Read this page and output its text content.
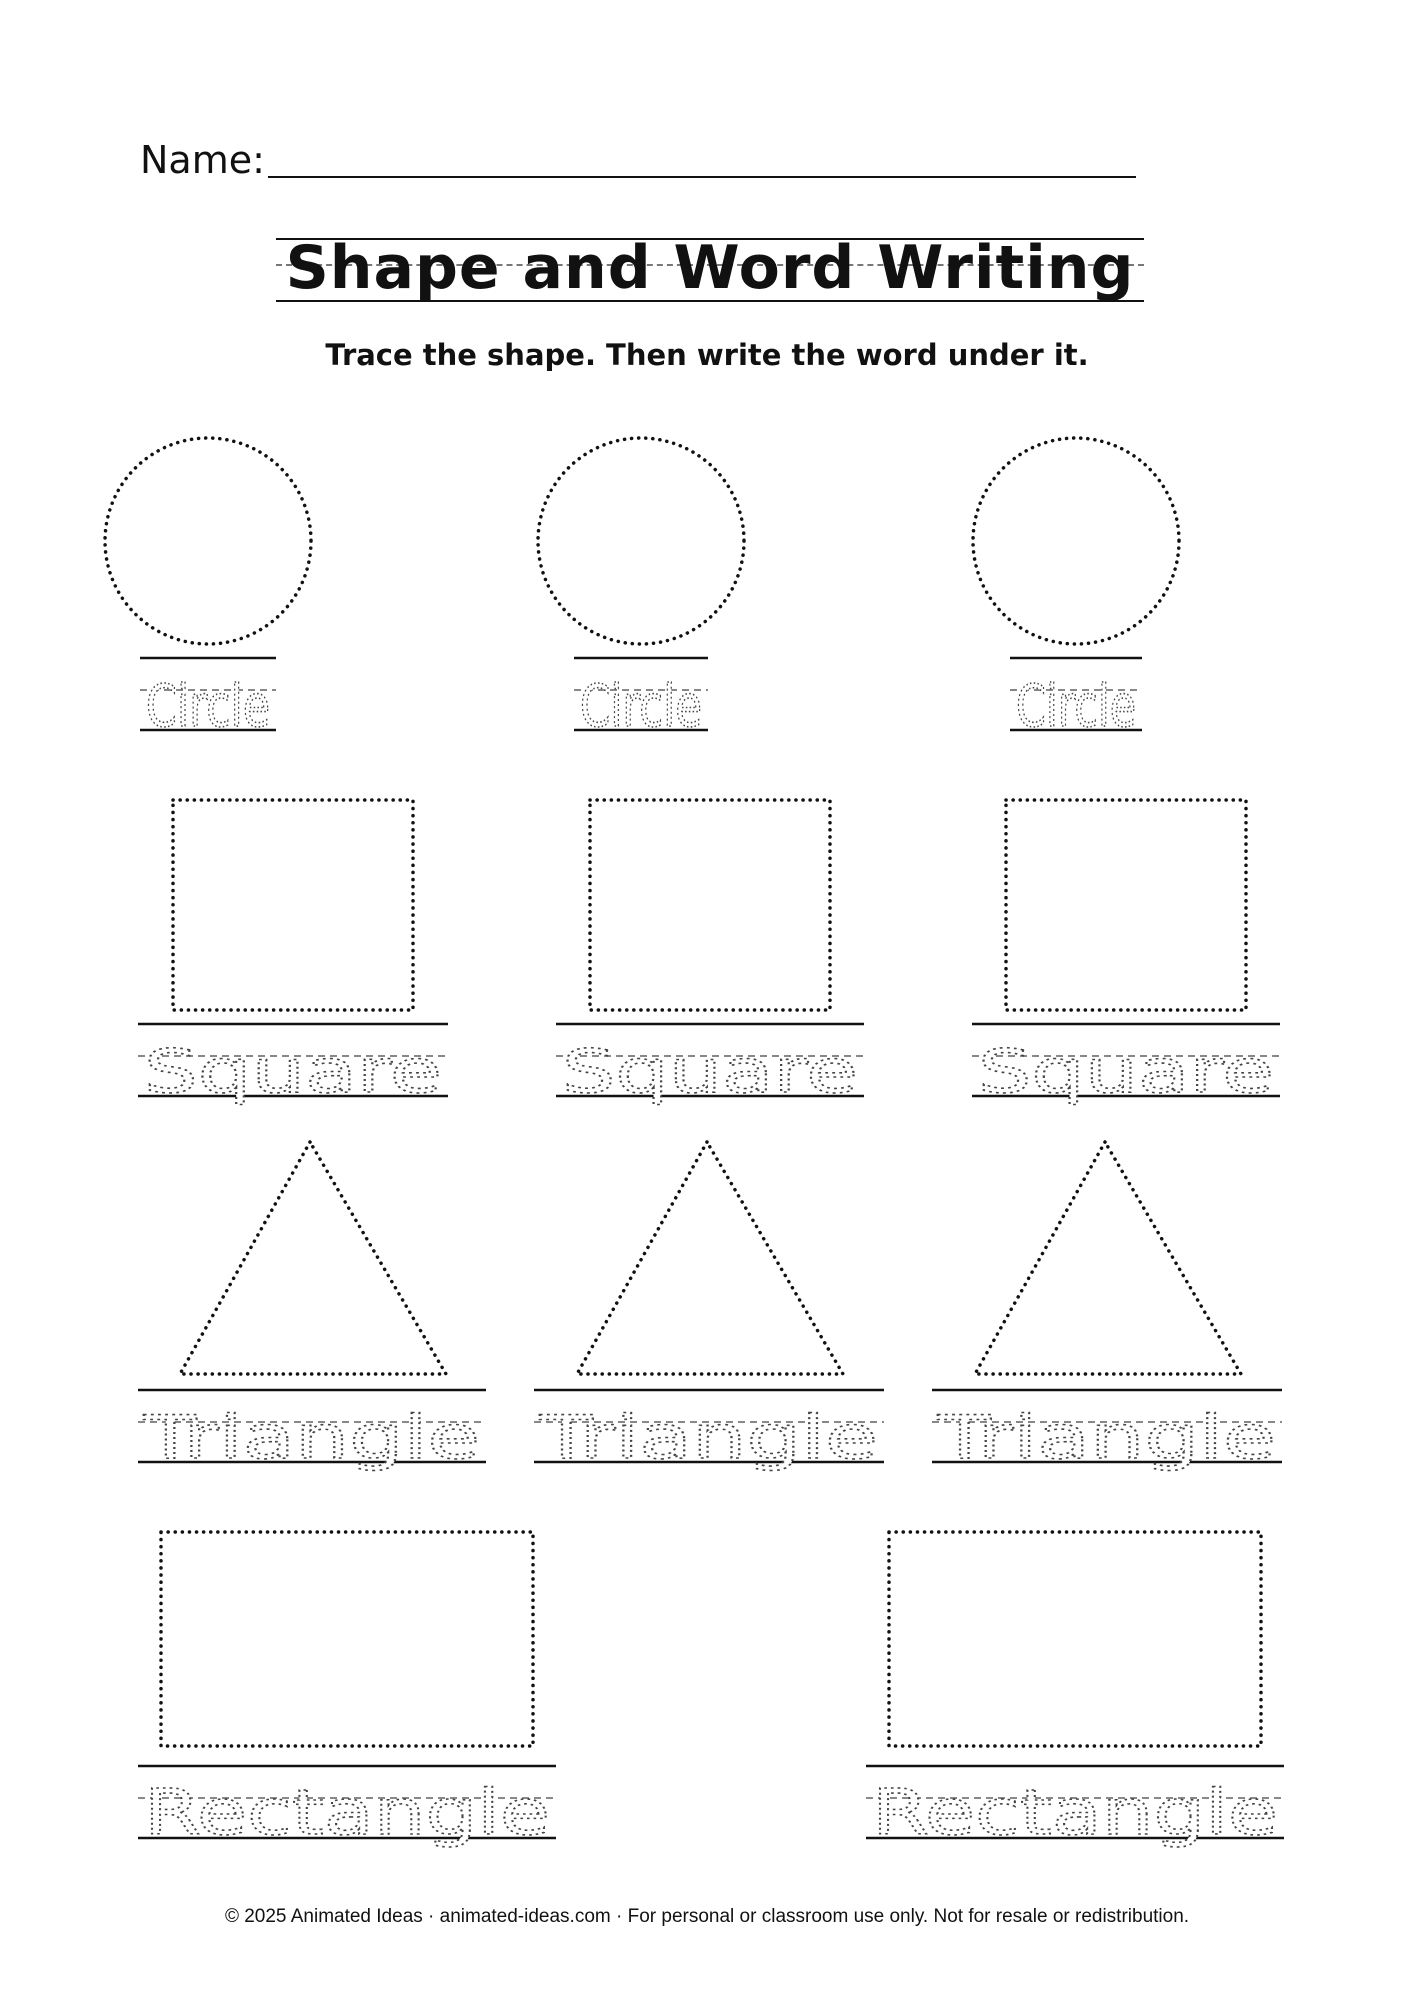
Name:
Shape and Word Writing
Trace the shape. Then write the word under it.
Circle	Circle	Circle
Square Square Square
Triangle Triangle Triangle
Rectangle	Rectangle
© 2025 Animated Ideas · animated-ideas.com · For personal or classroom use only. Not for resale or redistribution.
